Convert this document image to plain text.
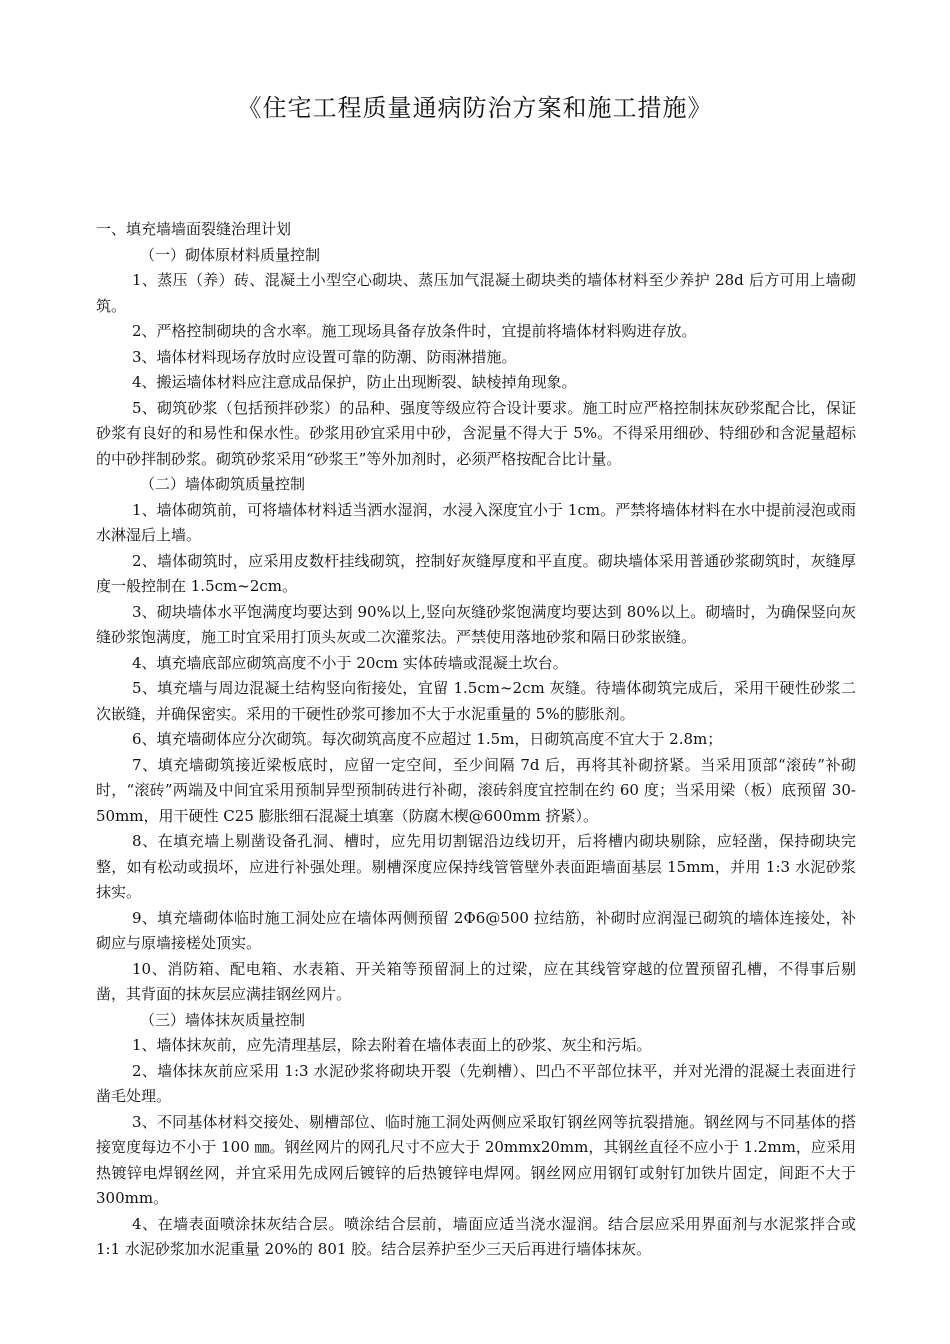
《住宅工程质量通病防治方案和施工措施》

一、填充墙墙面裂缝治理计划

（一）砌体原材料质量控制

1、蒸压（养）砖、混凝土小型空心砌块、蒸压加气混凝土砌块类的墙体材料至少养护 28d 后方可用上墙砌筑。

2、严格控制砌块的含水率。施工现场具备存放条件时，宜提前将墙体材料购进存放。

3、墙体材料现场存放时应设置可靠的防潮、防雨淋措施。

4、搬运墙体材料应注意成品保护，防止出现断裂、缺棱掉角现象。

5、砌筑砂浆（包括预拌砂浆）的品种、强度等级应符合设计要求。施工时应严格控制抹灰砂浆配合比，保证砂浆有良好的和易性和保水性。砂浆用砂宜采用中砂，含泥量不得大于 5%。不得采用细砂、特细砂和含泥量超标的中砂拌制砂浆。砌筑砂浆采用“砂浆王”等外加剂时，必须严格按配合比计量。

（二）墙体砌筑质量控制

1、墙体砌筑前，可将墙体材料适当洒水湿润，水浸入深度宜小于 1cm。严禁将墙体材料在水中提前浸泡或雨水淋湿后上墙。

2、墙体砌筑时，应采用皮数杆挂线砌筑，控制好灰缝厚度和平直度。砌块墙体采用普通砂浆砌筑时，灰缝厚度一般控制在 1.5cm~2cm。

3、砌块墙体水平饱满度均要达到 90%以上,竖向灰缝砂浆饱满度均要达到 80%以上。砌墙时，为确保竖向灰缝砂浆饱满度，施工时宜采用打顶头灰或二次灌浆法。严禁使用落地砂浆和隔日砂浆嵌缝。

4、填充墙底部应砌筑高度不小于 20cm 实体砖墙或混凝土坎台。

5、填充墙与周边混凝土结构竖向衔接处，宜留 1.5cm~2cm 灰缝。待墙体砌筑完成后，采用干硬性砂浆二次嵌缝，并确保密实。采用的干硬性砂浆可掺加不大于水泥重量的 5%的膨胀剂。

6、填充墙砌体应分次砌筑。每次砌筑高度不应超过 1.5m，日砌筑高度不宜大于 2.8m；

7、填充墙砌筑接近梁板底时，应留一定空间，至少间隔 7d 后，再将其补砌挤紧。当采用顶部“滚砖”补砌时，“滚砖”两端及中间宜采用预制异型预制砖进行补砌，滚砖斜度宜控制在约 60 度；当采用梁（板）底预留 30-50mm，用干硬性 C25 膨胀细石混凝土填塞（防腐木楔@600mm 挤紧）。

8、在填充墙上剔凿设备孔洞、槽时，应先用切割锯沿边线切开，后将槽内砌块剔除，应轻凿，保持砌块完整，如有松动或损坏，应进行补强处理。剔槽深度应保持线管管壁外表面距墙面基层 15mm，并用 1:3 水泥砂浆抹实。

9、填充墙砌体临时施工洞处应在墙体两侧预留 2Φ6@500 拉结筋，补砌时应润湿已砌筑的墙体连接处，补砌应与原墙接槎处顶实。

10、消防箱、配电箱、水表箱、开关箱等预留洞上的过梁，应在其线管穿越的位置预留孔槽，不得事后剔凿，其背面的抹灰层应满挂钢丝网片。

（三）墙体抹灰质量控制

1、墙体抹灰前，应先清理基层，除去附着在墙体表面上的砂浆、灰尘和污垢。

2、墙体抹灰前应采用 1:3 水泥砂浆将砌块开裂（先剃槽）、凹凸不平部位抹平，并对光滑的混凝土表面进行凿毛处理。

3、不同基体材料交接处、剔槽部位、临时施工洞处两侧应采取钉钢丝网等抗裂措施。钢丝网与不同基体的搭接宽度每边不小于 100 ㎜。钢丝网片的网孔尺寸不应大于 20mmx20mm，其钢丝直径不应小于 1.2mm，应采用热镀锌电焊钢丝网，并宜采用先成网后镀锌的后热镀锌电焊网。钢丝网应用钢钉或射钉加铁片固定，间距不大于 300mm。

4、在墙表面喷涂抹灰结合层。喷涂结合层前，墙面应适当浇水湿润。结合层应采用界面剂与水泥浆拌合或 1:1 水泥砂浆加水泥重量 20%的 801 胶。结合层养护至少三天后再进行墙体抹灰。
